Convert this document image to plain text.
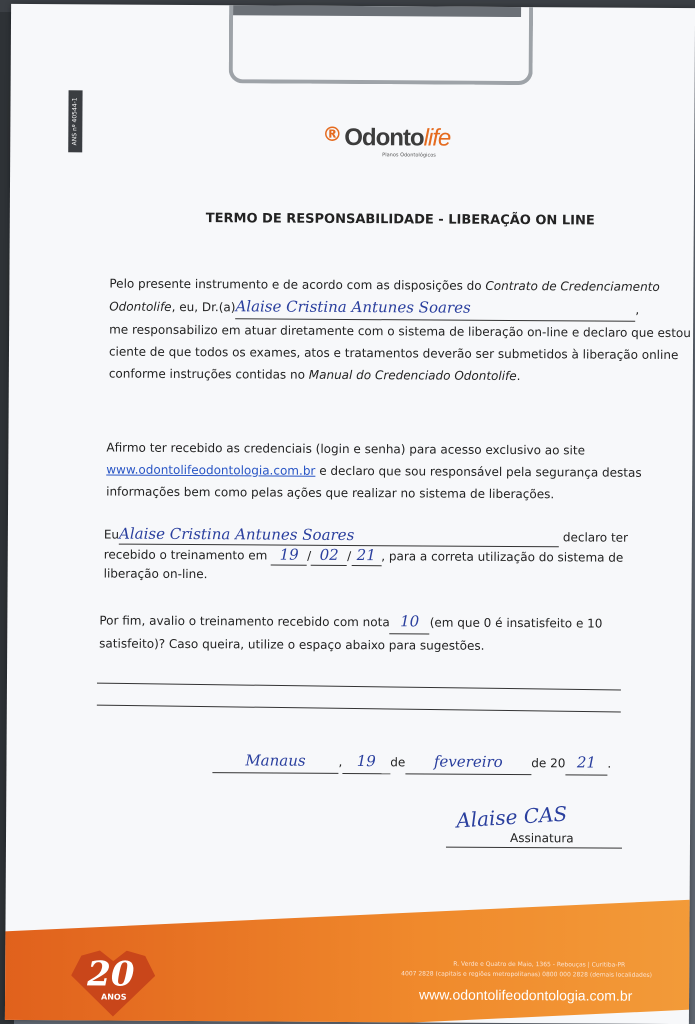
ANS nº 40544-1	® Odontolife
Planos Odontológicos
TERMO DE RESPONSABILIDADE - LIBERAÇÃO ON LINE
Pelo presente instrumento e de acordo com as disposições do Contrato de Credenciamento
Odontolife, eu, Dr.(a)Alaise Cristina Antunes Soares	,
me responsabilizo em atuar diretamente com o sistema de liberação on-line e declaro que estou
ciente de que todos os exames, atos e tratamentos deverão ser submetidos à liberação online
conforme instruções contidas no Manual do Credenciado Odontolife.
Afirmo ter recebido as credenciais (login e senha) para acesso exclusivo ao site
www.odontolifeodontologia.com.br e declaro que sou responsável pela segurança destas
informações bem como pelas ações que realizar no sistema de liberações.
EuAlaise Cristina Antunes Soares	declaro ter
recebido o treinamento em 19 / 02 / 21 , para a correta utilização do sistema de
liberação on-line.
Por fim, avalio o treinamento recebido com nota 10 (em que 0 é insatisfeito e 10
satisfeito)? Caso queira, utilize o espaço abaixo para sugestões.
Manaus	, 19 de fevereiro de 20 21 .
Alaise CAS
Assinatura
20
ANOS
R. Verde e Quatro de Maio, 1365 - Rebouças | Curitiba-PR
4007 2828 (capitais e regiões metropolitanas) 0800 000 2828 (demais localidades)
www.odontolifeodontologia.com.br
